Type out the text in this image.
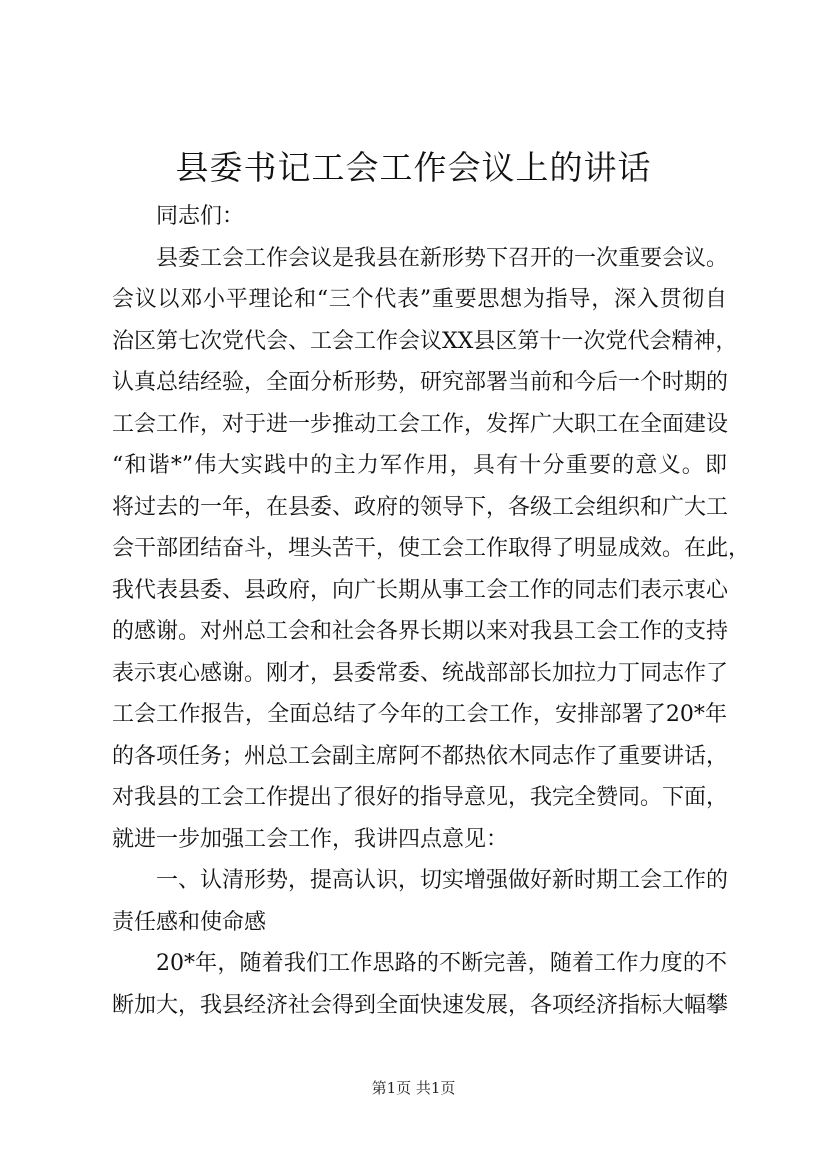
县委书记工会工作会议上的讲话
同志们：
县委工会工作会议是我县在新形势下召开的一次重要会议。
会议以邓小平理论和“三个代表”重要思想为指导，深入贯彻自
治区第七次党代会、工会工作会议XX县区第十一次党代会精神，
认真总结经验，全面分析形势，研究部署当前和今后一个时期的
工会工作，对于进一步推动工会工作，发挥广大职工在全面建设
“和谐*”伟大实践中的主力军作用，具有十分重要的意义。即
将过去的一年，在县委、政府的领导下，各级工会组织和广大工
会干部团结奋斗，埋头苦干，使工会工作取得了明显成效。在此，
我代表县委、县政府，向广长期从事工会工作的同志们表示衷心
的感谢。对州总工会和社会各界长期以来对我县工会工作的支持
表示衷心感谢。刚才，县委常委、统战部部长加拉力丁同志作了
工会工作报告，全面总结了今年的工会工作，安排部署了20*年
的各项任务；州总工会副主席阿不都热依木同志作了重要讲话，
对我县的工会工作提出了很好的指导意见，我完全赞同。下面，
就进一步加强工会工作，我讲四点意见：
一、认清形势，提高认识，切实增强做好新时期工会工作的
责任感和使命感
20*年，随着我们工作思路的不断完善，随着工作力度的不
断加大，我县经济社会得到全面快速发展，各项经济指标大幅攀
第1页 共1页
